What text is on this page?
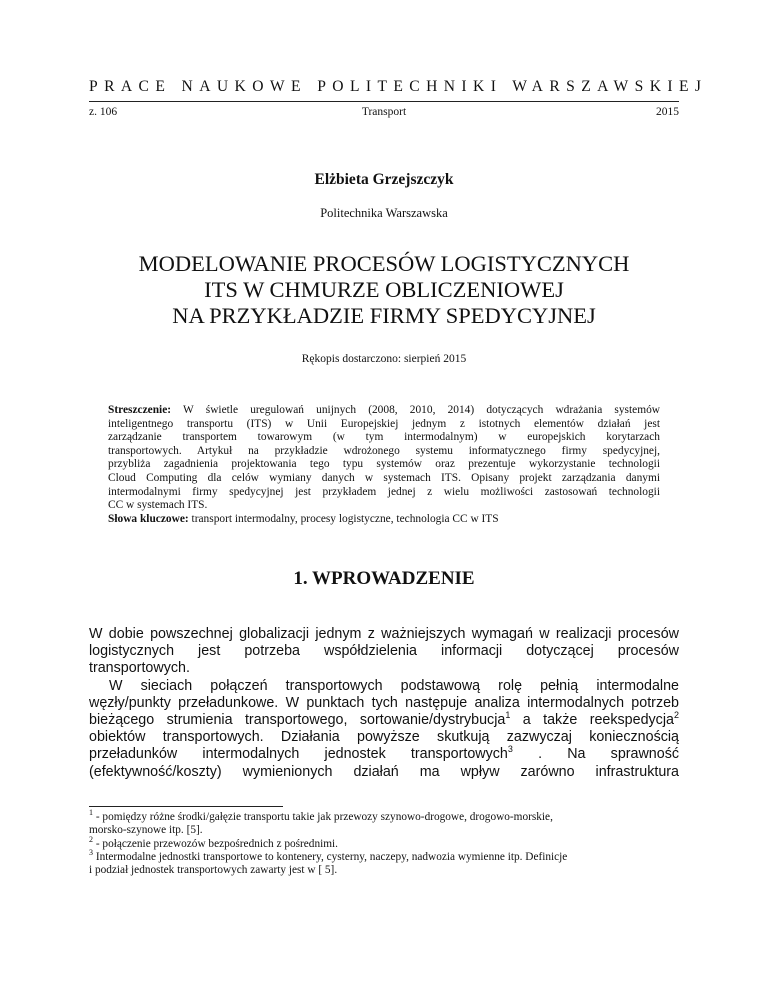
PRACE NAUKOWE POLITECHNIKI WARSZAWSKIEJ
Transport
z. 106	2015
Elżbieta Grzejszczyk
Politechnika Warszawska
MODELOWANIE PROCESÓW LOGISTYCZNYCH
ITS W CHMURZE OBLICZENIOWEJ
NA PRZYKŁADZIE FIRMY SPEDYCYJNEJ
Rękopis dostarczono: sierpień 2015
Streszczenie: W świetle uregulowań unijnych (2008, 2010, 2014) dotyczących wdrażania systemów
inteligentnego transportu (ITS) w Unii Europejskiej jednym z istotnych elementów działań jest
zarządzanie transportem towarowym (w tym intermodalnym) w europejskich korytarzach
transportowych. Artykuł na przykładzie wdrożonego systemu informatycznego firmy spedycyjnej,
przybliża zagadnienia projektowania tego typu systemów oraz prezentuje wykorzystanie technologii
Cloud Computing dla celów wymiany danych w systemach ITS. Opisany projekt zarządzania danymi
intermodalnymi firmy spedycyjnej jest przykładem jednej z wielu możliwości zastosowań technologii
CC w systemach ITS.
Słowa kluczowe: transport intermodalny, procesy logistyczne, technologia CC w ITS
1. WPROWADZENIE
W dobie powszechnej globalizacji jednym z ważniejszych wymagań w realizacji procesów
logistycznych jest potrzeba współdzielenia informacji dotyczącej procesów
transportowych.
W sieciach połączeń transportowych podstawową rolę pełnią intermodalne
węzły/punkty przeładunkowe. W punktach tych następuje analiza intermodalnych potrzeb
bieżącego strumienia transportowego, sortowanie/dystrybucja$^1$ a także reekspedycja$^2$
obiektów transportowych. Działania powyższe skutkują zazwyczaj koniecznością
przeładunków intermodalnych jednostek transportowych$^3$ . Na sprawność
(efektywność/koszty) wymienionych działań ma wpływ zarówno infrastruktura
$^1$ - pomiędzy różne środki/gałęzie transportu takie jak przewozy szynowo-drogowe, drogowo-morskie,
morsko-szynowe itp. [5].
$^2$ - połączenie przewozów bezpośrednich z pośrednimi.
$^3$ Intermodalne jednostki transportowe to kontenery, cysterny, naczepy, nadwozia wymienne itp. Definicje
i podział jednostek transportowych zawarty jest w [ 5].
